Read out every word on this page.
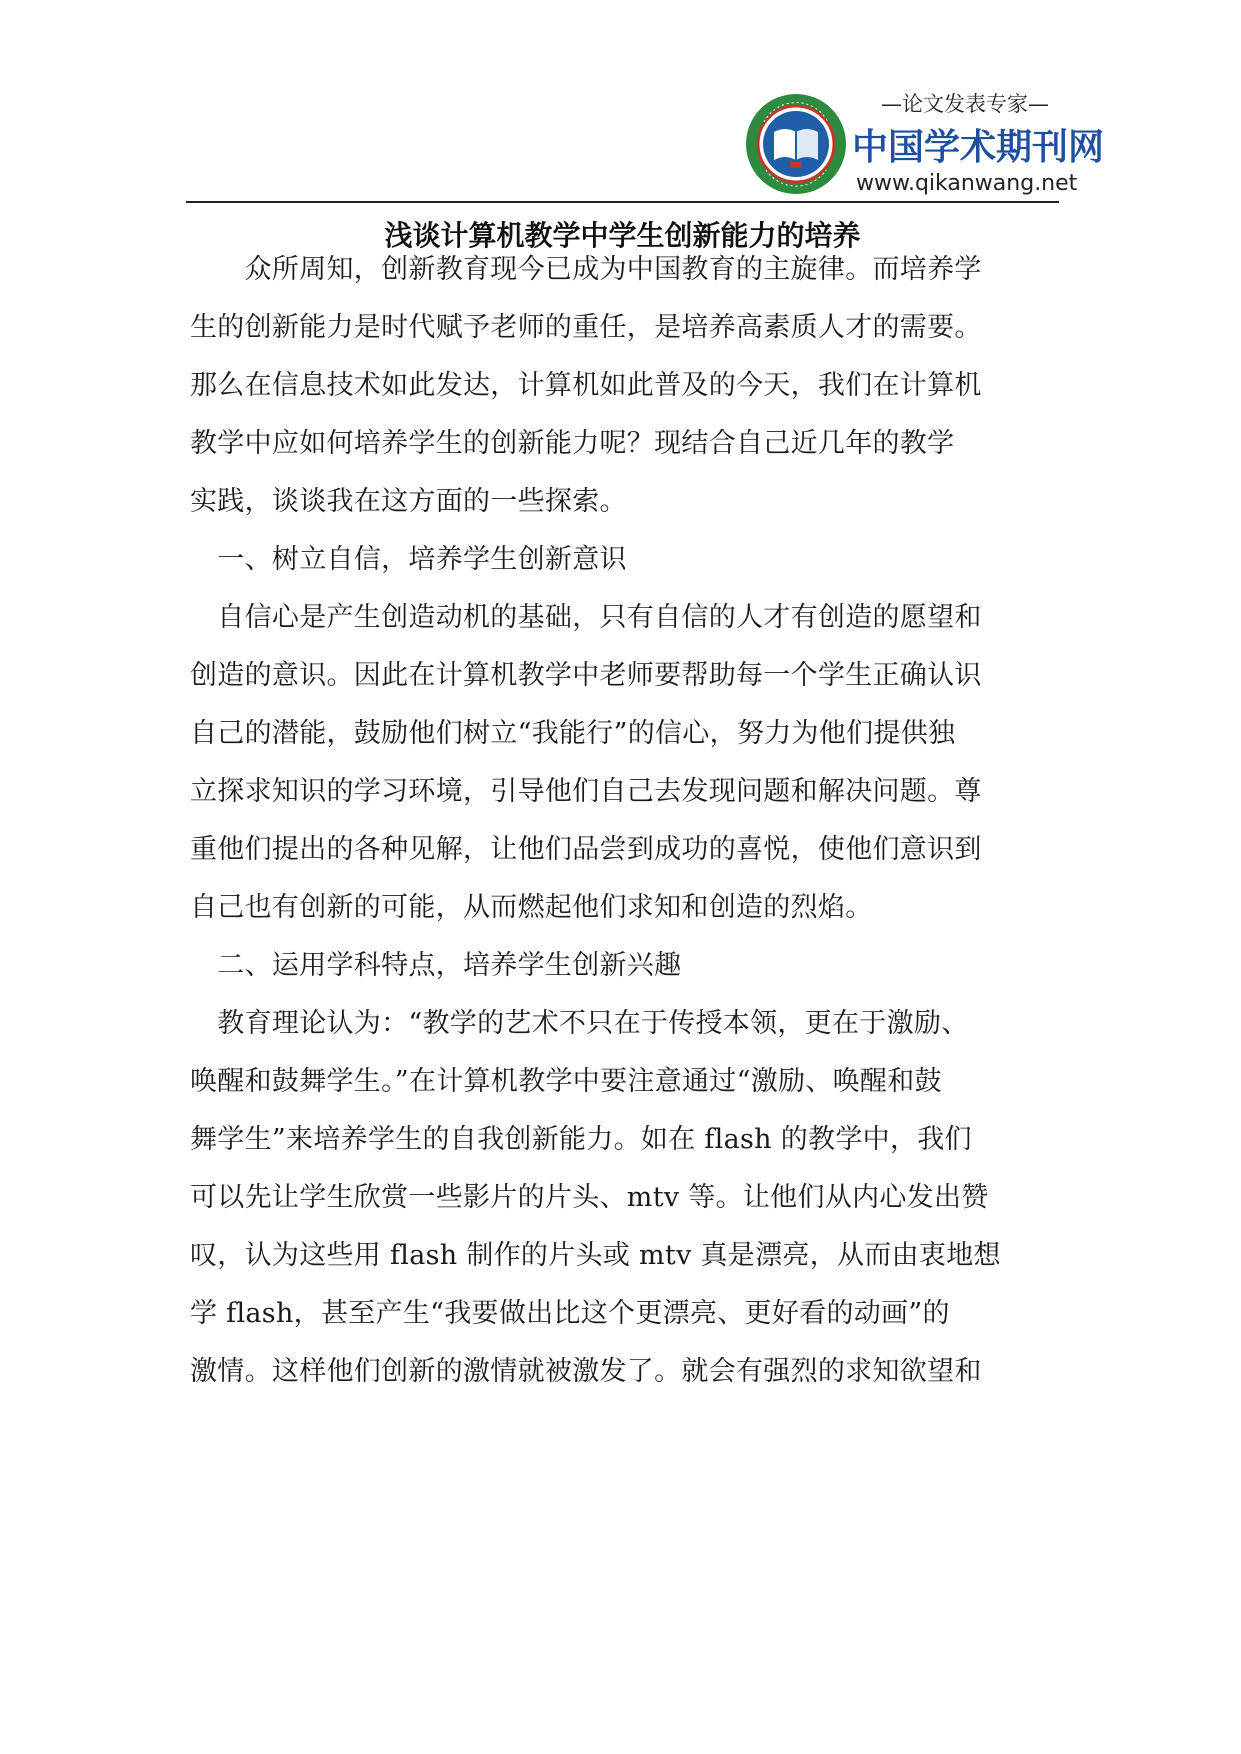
—论文发表专家—
中国学术期刊网
www.qikanwang.net
浅谈计算机教学中学生创新能力的培养
　　众所周知，创新教育现今已成为中国教育的主旋律。而培养学
生的创新能力是时代赋予老师的重任，是培养高素质人才的需要。
那么在信息技术如此发达，计算机如此普及的今天，我们在计算机
教学中应如何培养学生的创新能力呢？现结合自己近几年的教学
实践，谈谈我在这方面的一些探索。
　一、树立自信，培养学生创新意识
　自信心是产生创造动机的基础，只有自信的人才有创造的愿望和
创造的意识。因此在计算机教学中老师要帮助每一个学生正确认识
自己的潜能，鼓励他们树立“我能行”的信心，努力为他们提供独
立探求知识的学习环境，引导他们自己去发现问题和解决问题。尊
重他们提出的各种见解，让他们品尝到成功的喜悦，使他们意识到
自己也有创新的可能，从而燃起他们求知和创造的烈焰。
　二、运用学科特点，培养学生创新兴趣
　教育理论认为：“教学的艺术不只在于传授本领，更在于激励、
唤醒和鼓舞学生。”在计算机教学中要注意通过“激励、唤醒和鼓
舞学生”来培养学生的自我创新能力。如在 flash 的教学中，我们
可以先让学生欣赏一些影片的片头、mtv 等。让他们从内心发出赞
叹，认为这些用 flash 制作的片头或 mtv 真是漂亮，从而由衷地想
学 flash，甚至产生“我要做出比这个更漂亮、更好看的动画”的
激情。这样他们创新的激情就被激发了。就会有强烈的求知欲望和
